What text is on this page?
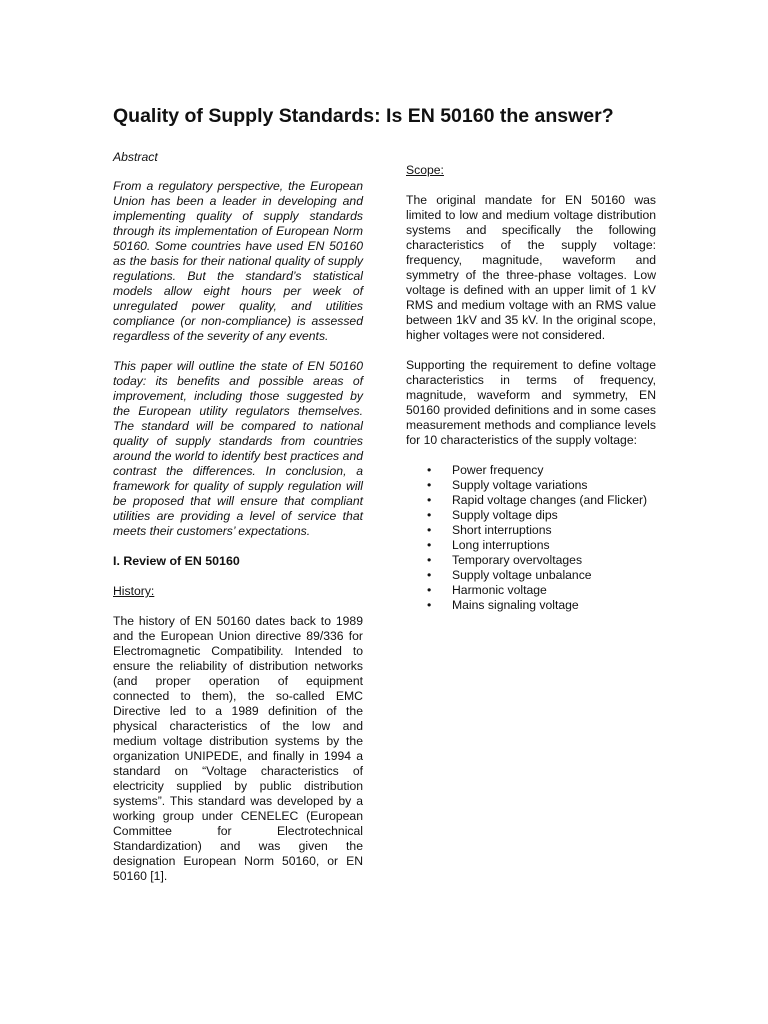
Quality of Supply Standards: Is EN 50160 the answer?

Abstract

From a regulatory perspective, the European Union has been a leader in developing and implementing quality of supply standards through its implementation of European Norm 50160. Some countries have used EN 50160 as the basis for their national quality of supply regulations. But the standard’s statistical models allow eight hours per week of unregulated power quality, and utilities compliance (or non-compliance) is assessed regardless of the severity of any events.

This paper will outline the state of EN 50160 today: its benefits and possible areas of improvement, including those suggested by the European utility regulators themselves. The standard will be compared to national quality of supply standards from countries around the world to identify best practices and contrast the differences. In conclusion, a framework for quality of supply regulation will be proposed that will ensure that compliant utilities are providing a level of service that meets their customers’ expectations.

I. Review of EN 50160

History:

The history of EN 50160 dates back to 1989 and the European Union directive 89/336 for Electromagnetic Compatibility. Intended to ensure the reliability of distribution networks (and proper operation of equipment connected to them), the so-called EMC Directive led to a 1989 definition of the physical characteristics of the low and medium voltage distribution systems by the organization UNIPEDE, and finally in 1994 a standard on “Voltage characteristics of electricity supplied by public distribution systems”. This standard was developed by a working group under CENELEC (European Committee for Electrotechnical Standardization) and was given the designation European Norm 50160, or EN 50160 [1].

Scope:

The original mandate for EN 50160 was limited to low and medium voltage distribution systems and specifically the following characteristics of the supply voltage: frequency, magnitude, waveform and symmetry of the three-phase voltages. Low voltage is defined with an upper limit of 1 kV RMS and medium voltage with an RMS value between 1kV and 35 kV. In the original scope, higher voltages were not considered.

Supporting the requirement to define voltage characteristics in terms of frequency, magnitude, waveform and symmetry, EN 50160 provided definitions and in some cases measurement methods and compliance levels for 10 characteristics of the supply voltage:

• Power frequency
• Supply voltage variations
• Rapid voltage changes (and Flicker)
• Supply voltage dips
• Short interruptions
• Long interruptions
• Temporary overvoltages
• Supply voltage unbalance
• Harmonic voltage
• Mains signaling voltage
